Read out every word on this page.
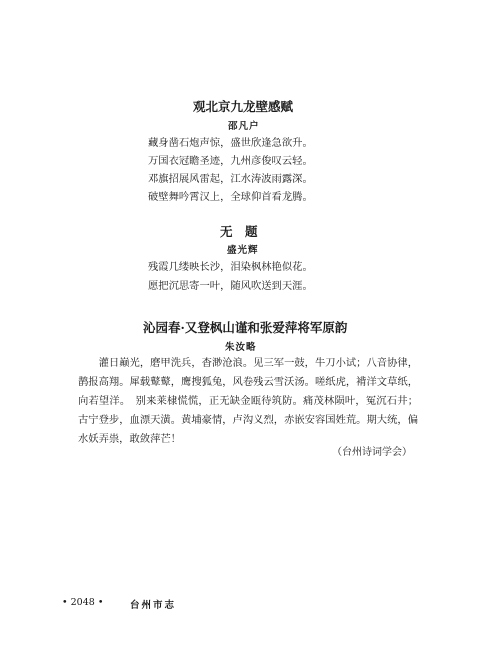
观北京九龙壁感赋
邵凡户
藏身凿石炮声惊，盛世欣逢急欲升。
万国衣冠瞻圣迹，九州彦俊叹云轻。
邓旗招展风雷起，江水涛波雨露深。
破壁舞吟霄汉上，全球仰首看龙腾。
无　题
盛光辉
残霞几缕映长沙，泪染枫林艳似花。
愿把沉思寄一叶，随风吹送到天涯。
沁园春·又登枫山谨和张爱萍将军原韵
朱汝略
　　灌日巅光，磨甲洗兵，杳渺沧浪。见三军一鼓，牛刀小试；八音协律，鹊报高翔。犀载鼙鼙，鹰搜狐兔，风卷残云雪沃汤。嗟纸虎，褙洋文草纸，向若望洋。　别来莱棣慌慌，正无缺金瓯待筑防。痛茂林陨叶，冤沉石井；古宁登步，血漂天潢。黄埔豪情，卢沟义烈，赤嵌安容国姓荒。期大统，偏水妖弄祟，敢敛萍芒！
（台州诗词学会）
• 2048 •	台州市志
